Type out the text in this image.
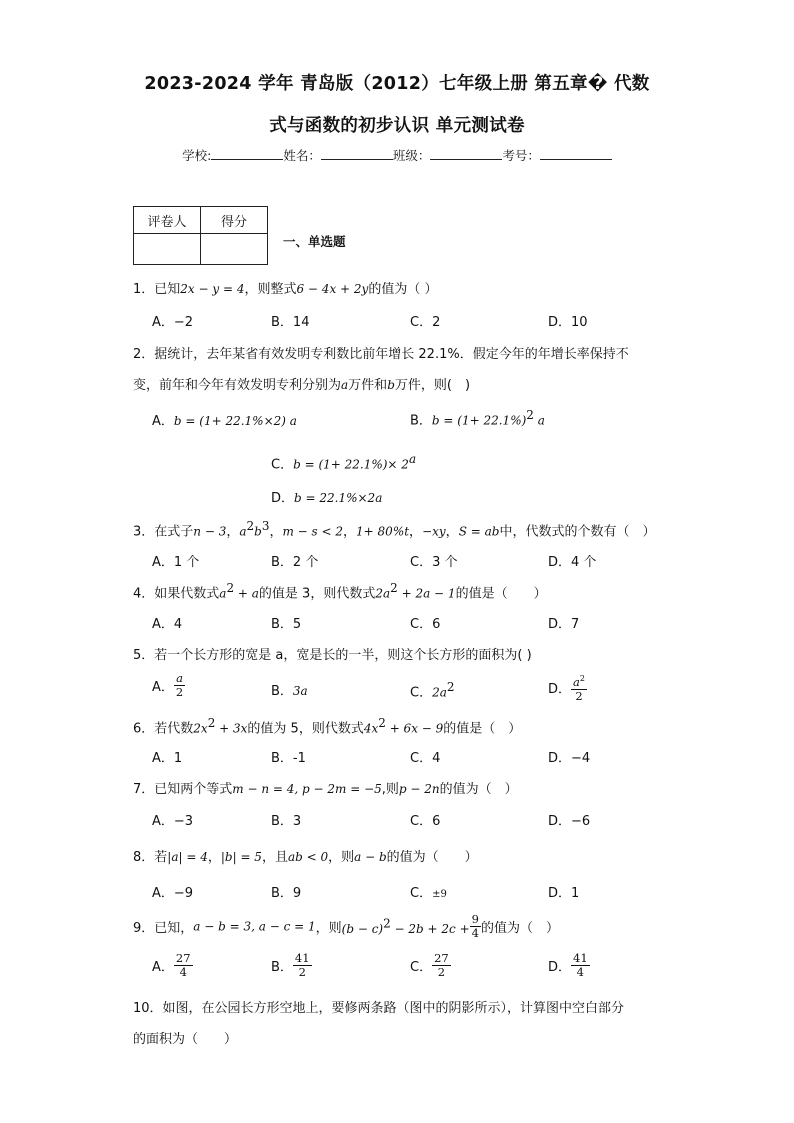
2023-2024 学年 青岛版（2012）七年级上册 第五章� 代数
式与函数的初步认识 单元测试卷
学校:	姓名：	班级：	考号：
评卷人	得分

一、单选题
1．已知2x − y = 4，则整式6 − 4x + 2y的值为（ ）
A．−2	B．14	C．2	D．10
2．据统计，去年某省有效发明专利数比前年增长 22.1%．假定今年的年增长率保持不
变，前年和今年有效发明专利分别为a万件和b万件，则(　)
A．b = (1+ 22.1%×2) a	B．$b = (1+ 22.1\%)^2$ a
C．$b = (1+ 22.1\%)\times 2^a$
D．b = 22.1%×2a
3．在式子n − 3，$a^2b^3$，m − s < 2，1+ 80%t，−xy，S = ab中，代数式的个数有（　）
A．1 个	B．2 个	C．3 个	D．4 个
4．如果代数式$a^2 + a$的值是 3，则代数式$2a^2 + 2a - 1$的值是（　　）
A．4	B．5	C．6	D．7
5．若一个长方形的宽是 a，宽是长的一半，则这个长方形的面积为( )
A． $\frac{a}{2}$	B．3a	C．$2a^2$	D． $\frac{a^2}{2}$
6．若代数$2x^2 + 3x$的值为 5，则代数式$4x^2 + 6x - 9$的值是（　）
A．1	B．-1	C．4	D．−4
7．已知两个等式m − n = 4, p − 2m = −5,则p − 2n的值为（　）
A．−3	B．3	C．6	D．−6
8．若|a| = 4，|b| = 5，且ab < 0，则a − b的值为（　　）
A．−9	B．9	C．±9	D．1
9．已知，a − b = 3, a − c = 1，则$(b - c)^2 - 2b + 2c + \frac{9}{4}$ 的值为（　）
A． $\frac{27}{4}$	B． $\frac{41}{2}$	C． $\frac{27}{2}$	D． $\frac{41}{4}$
10．如图，在公园长方形空地上，要修两条路（图中的阴影所示），计算图中空白部分
的面积为（　　）
